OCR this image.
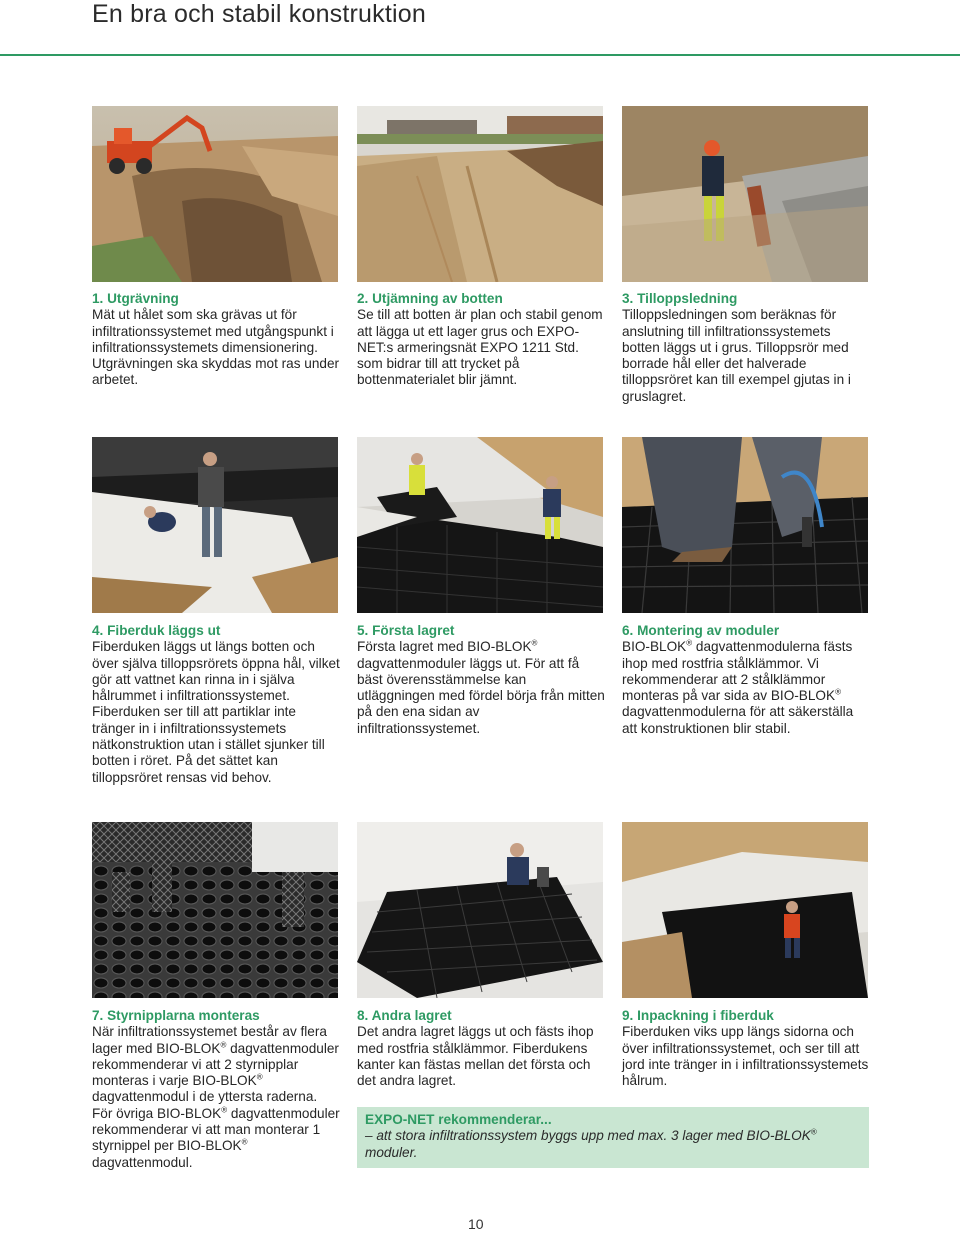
En bra och stabil konstruktion
1. Utgrävning

Mät ut hålet som ska grävas ut för infiltrationssystemet med utgångspunkt i infiltrationssystemets dimensionering. Utgrävningen ska skyddas mot ras under arbetet.

2. Utjämning av botten

Se till att botten är plan och stabil genom att lägga ut ett lager grus och EXPO-NET:s armeringsnät EXPO 1211 Std. som bidrar till att trycket på bottenmaterialet blir jämnt.

3. Tilloppsledning

Tilloppsledningen som beräknas för anslutning till infiltrationssystemets botten läggs ut i grus. Tilloppsrör med borrade hål eller det halverade tilloppsröret kan till exempel gjutas in i gruslagret.

4. Fiberduk läggs ut

Fiberduken läggs ut längs botten och över själva tilloppsrörets öppna hål, vilket gör att vattnet kan rinna in i själva hålrummet i infiltrationssystemet. Fiberduken ser till att partiklar inte tränger in i infiltrationssystemets nätkonstruktion utan i stället sjunker till botten i röret. På det sättet kan tilloppsröret rensas vid behov.

5. Första lagret

Första lagret med BIO-BLOK® dagvattenmoduler läggs ut. För att få bäst överensstämmelse kan utläggningen med fördel börja från mitten på den ena sidan av infiltrationssystemet.

6. Montering av moduler

BIO-BLOK® dagvattenmodulerna fästs ihop med rostfria stålklämmor. Vi rekommenderar att 2 stålklämmor monteras på var sida av BIO-BLOK® dagvattenmodulerna för att säkerställa att konstruktionen blir stabil.

7. Styrnipplarna monteras

När infiltrationssystemet består av flera lager med BIO-BLOK® dagvattenmoduler rekommenderar vi att 2 styrnipplar monteras i varje BIO-BLOK® dagvattenmodul i de yttersta raderna. För övriga BIO-BLOK® dagvattenmoduler rekommenderar vi att man monterar 1 styrnippel per BIO-BLOK® dagvattenmodul.

8. Andra lagret

Det andra lagret läggs ut och fästs ihop med rostfria stålklämmor. Fiberdukens kanter kan fästas mellan det första och det andra lagret.

9. Inpackning i fiberduk

Fiberduken viks upp längs sidorna och över infiltrationssystemet, och ser till att jord inte tränger in i infiltrationssystemets hålrum.

EXPO-NET rekommenderar...
– att stora infiltrationssystem byggs upp med max. 3 lager med BIO-BLOK® moduler.
10
